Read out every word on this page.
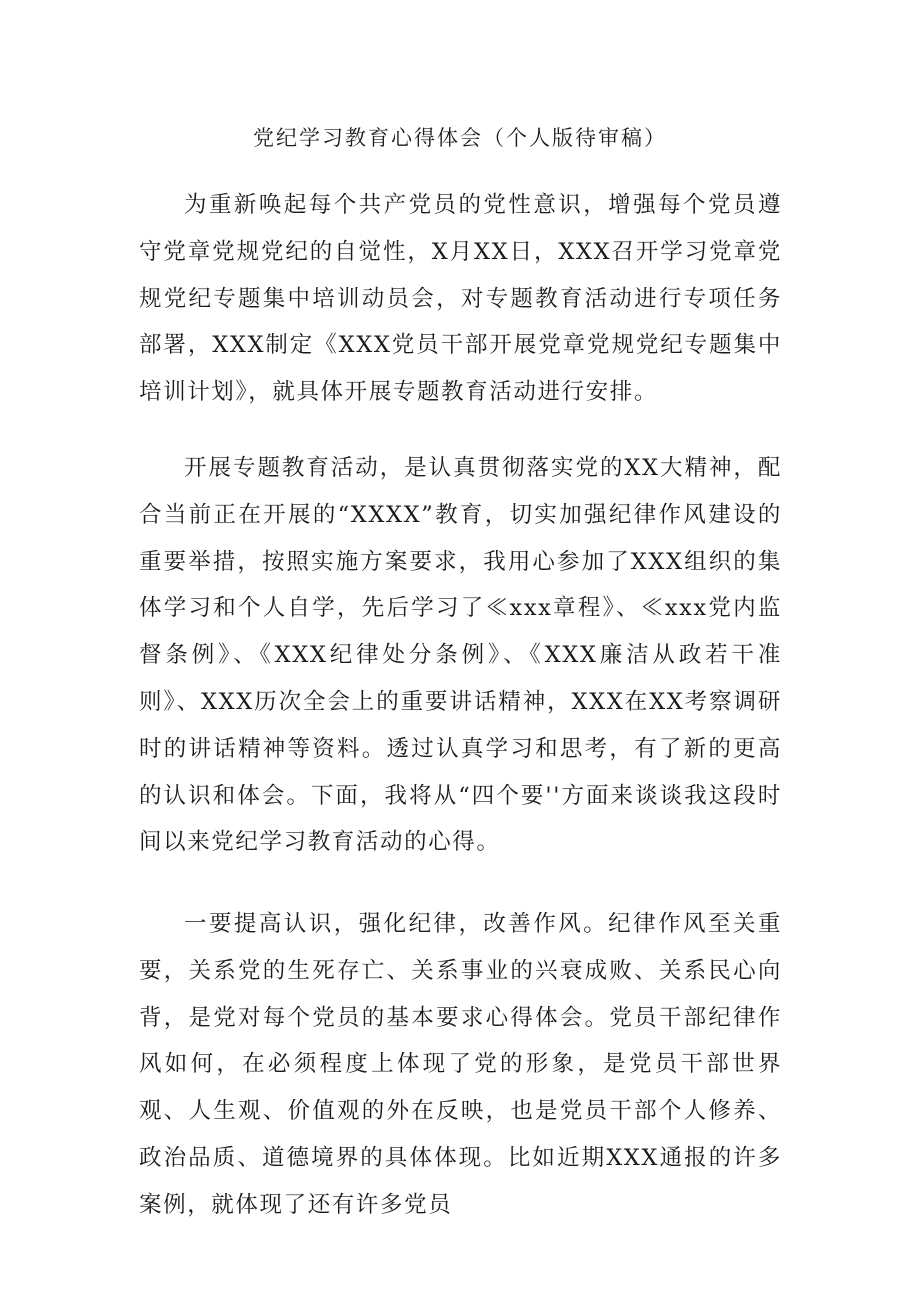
党纪学习教育心得体会（个人版待审稿）

为重新唤起每个共产党员的党性意识，增强每个党员遵守党章党规党纪的自觉性，X月XX日，XXX召开学习党章党规党纪专题集中培训动员会，对专题教育活动进行专项任务部署，XXX制定《XXX党员干部开展党章党规党纪专题集中培训计划》，就具体开展专题教育活动进行安排。

开展专题教育活动，是认真贯彻落实党的XX大精神，配合当前正在开展的“XXXX”教育，切实加强纪律作风建设的重要举措，按照实施方案要求，我用心参加了XXX组织的集体学习和个人自学，先后学习了≪xxx章程》、≪xxx党内监督条例》、《XXX纪律处分条例》、《XXX廉洁从政若干准则》、XXX历次全会上的重要讲话精神，XXX在XX考察调研时的讲话精神等资料。透过认真学习和思考，有了新的更高的认识和体会。下面，我将从“四个要''方面来谈谈我这段时间以来党纪学习教育活动的心得。

一要提高认识，强化纪律，改善作风。纪律作风至关重要，关系党的生死存亡、关系事业的兴衰成败、关系民心向背，是党对每个党员的基本要求心得体会。党员干部纪律作风如何，在必须程度上体现了党的形象，是党员干部世界观、人生观、价值观的外在反映，也是党员干部个人修养、政治品质、道德境界的具体体现。比如近期XXX通报的许多案例，就体现了还有许多党员
